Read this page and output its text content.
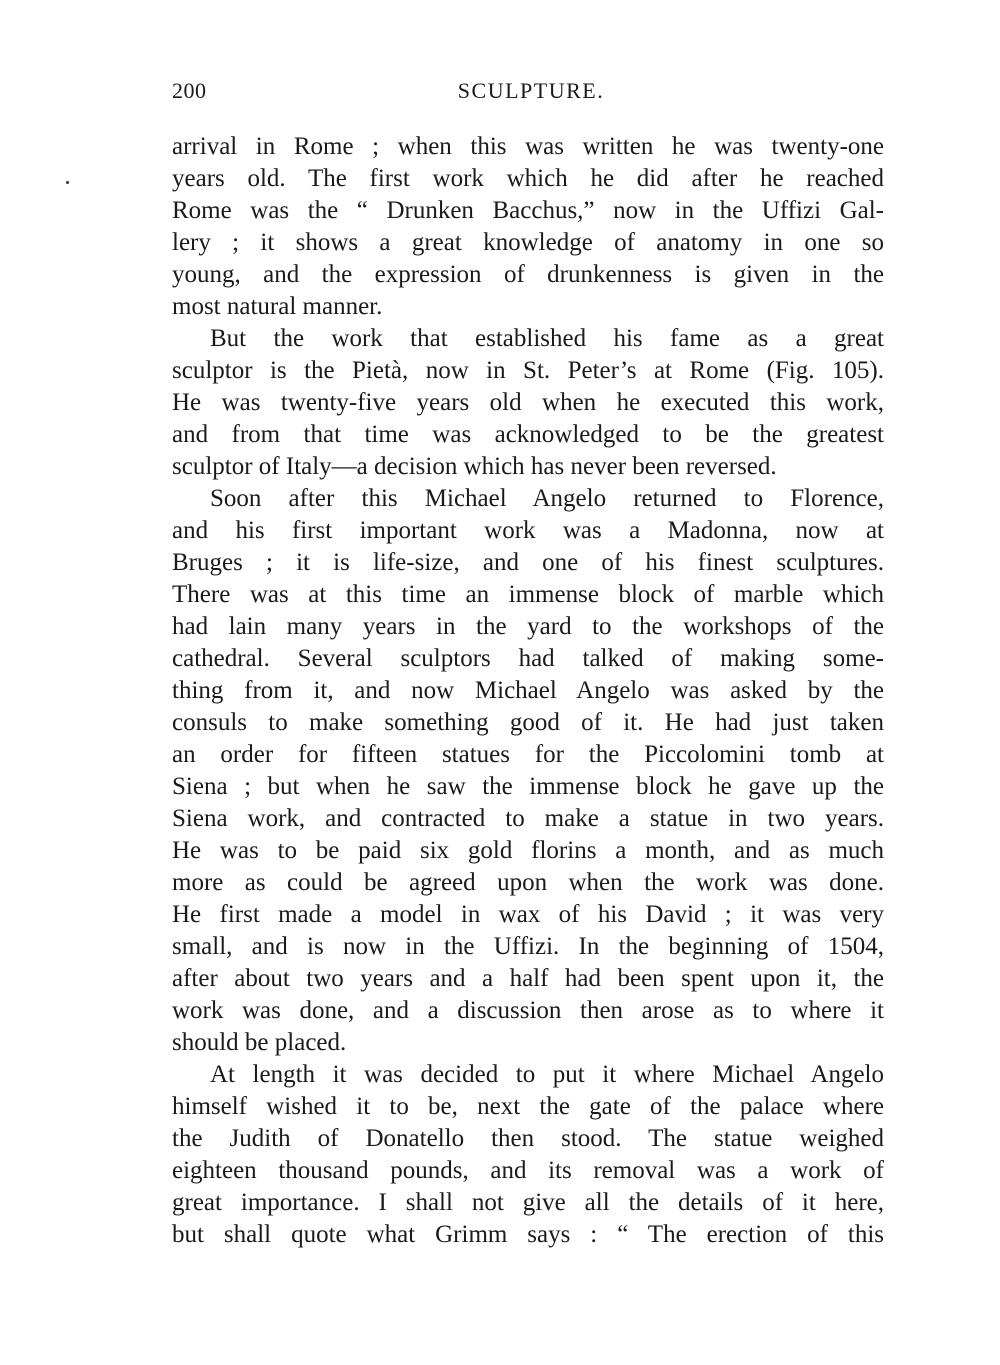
200	SCULPTURE.
arrival in Rome ; when this was written he was twenty-one
years old. The first work which he did after he reached
Rome was the “ Drunken Bacchus,” now in the Uffizi Gal-
lery ; it shows a great knowledge of anatomy in one so
young, and the expression of drunkenness is given in the
most natural manner.
But the work that established his fame as a great
sculptor is the Pietà, now in St. Peter’s at Rome (Fig. 105).
He was twenty-five years old when he executed this work,
and from that time was acknowledged to be the greatest
sculptor of Italy—a decision which has never been reversed.
Soon after this Michael Angelo returned to Florence,
and his first important work was a Madonna, now at
Bruges ; it is life-size, and one of his finest sculptures.
There was at this time an immense block of marble which
had lain many years in the yard to the workshops of the
cathedral. Several sculptors had talked of making some-
thing from it, and now Michael Angelo was asked by the
consuls to make something good of it. He had just taken
an order for fifteen statues for the Piccolomini tomb at
Siena ; but when he saw the immense block he gave up the
Siena work, and contracted to make a statue in two years.
He was to be paid six gold florins a month, and as much
more as could be agreed upon when the work was done.
He first made a model in wax of his David ; it was very
small, and is now in the Uffizi. In the beginning of 1504,
after about two years and a half had been spent upon it, the
work was done, and a discussion then arose as to where it
should be placed.
At length it was decided to put it where Michael Angelo
himself wished it to be, next the gate of the palace where
the Judith of Donatello then stood. The statue weighed
eighteen thousand pounds, and its removal was a work of
great importance. I shall not give all the details of it here,
but shall quote what Grimm says : “ The erection of this
